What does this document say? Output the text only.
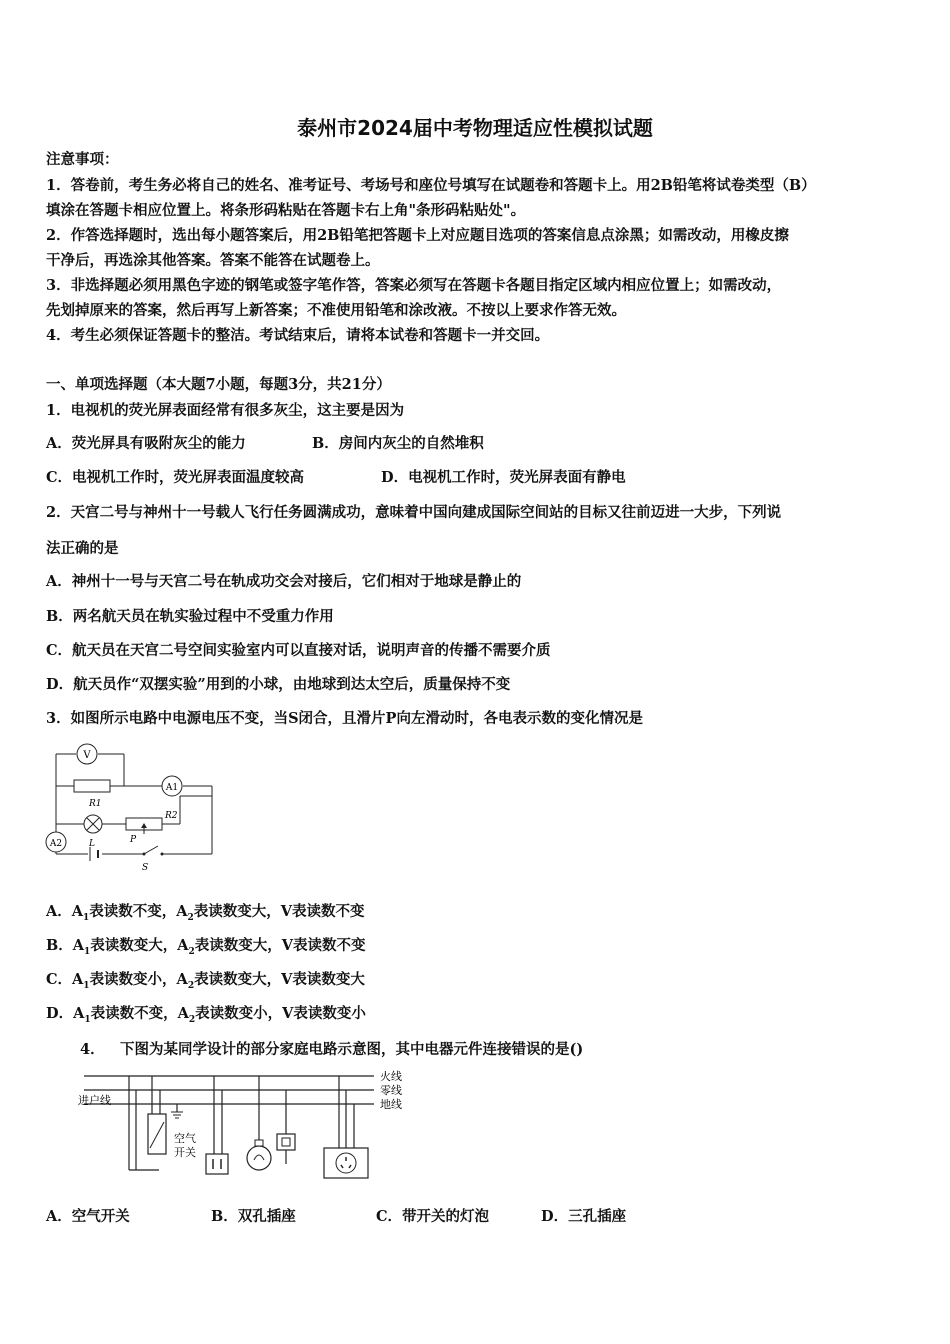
泰州市2024届中考物理适应性模拟试题
注意事项：
1．答卷前，考生务必将自己的姓名、准考证号、考场号和座位号填写在试题卷和答题卡上。用2B铅笔将试卷类型（B）
填涂在答题卡相应位置上。将条形码粘贴在答题卡右上角"条形码粘贴处"。
2．作答选择题时，选出每小题答案后，用2B铅笔把答题卡上对应题目选项的答案信息点涂黑；如需改动，用橡皮擦
干净后，再选涂其他答案。答案不能答在试题卷上。
3．非选择题必须用黑色字迹的钢笔或签字笔作答，答案必须写在答题卡各题目指定区域内相应位置上；如需改动，
先划掉原来的答案，然后再写上新答案；不准使用铅笔和涂改液。不按以上要求作答无效。
4．考生必须保证答题卡的整洁。考试结束后，请将本试卷和答题卡一并交回。
一、单项选择题（本大题7小题，每题3分，共21分）
1．电视机的荧光屏表面经常有很多灰尘，这主要是因为
A．荧光屏具有吸附灰尘的能力	B．房间内灰尘的自然堆积
C．电视机工作时，荧光屏表面温度较高	D．电视机工作时，荧光屏表面有静电
2．天宫二号与神州十一号载人飞行任务圆满成功，意味着中国向建成国际空间站的目标又往前迈进一大步，下列说
法正确的是
A．神州十一号与天宫二号在轨成功交会对接后，它们相对于地球是静止的
B．两名航天员在轨实验过程中不受重力作用
C．航天员在天宫二号空间实验室内可以直接对话，说明声音的传播不需要介质
D．航天员作“双摆实验”用到的小球，由地球到达太空后，质量保持不变
3．如图所示电路中电源电压不变，当S闭合，且滑片P向左滑动时，各电表示数的变化情况是
V
R1
A1
L
R2
P
A2
S
A．$A_1$表读数不变，$A_2$表读数变大，V表读数不变
B．$A_1$表读数变大，$A_2$表读数变大，V表读数不变
C．$A_1$表读数变小，$A_2$表读数变大，V表读数变大
D．$A_1$表读数不变，$A_2$表读数变小，V表读数变小
4． 下图为某同学设计的部分家庭电路示意图，其中电器元件连接错误的是()
火线
零线
地线
进户线
空气
开关
A．空气开关	B．双孔插座	C．带开关的灯泡	D．三孔插座
